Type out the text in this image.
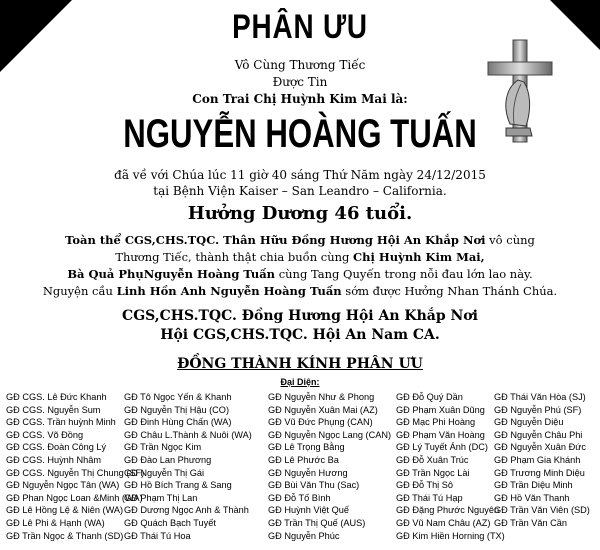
PHÂN ƯU
Vô Cùng Thương Tiếc
Được Tin
Con Trai Chị Huỳnh Kim Mai là:
NGUYỄN HOÀNG TUẤN
đã về với Chúa lúc 11 giờ 40 sáng Thứ Năm ngày 24/12/2015
tại Bệnh Viện Kaiser – San Leandro – California.
Hưởng Dương 46 tuổi.
Toàn thể CGS,CHS.TQC. Thân Hữu Đồng Hương Hội An Khắp Nơi vô cùng
Thương Tiếc, thành thật chia buồn cùng Chị Huỳnh Kim Mai,
Bà Quả PhụNguyễn Hoàng Tuấn cùng Tang Quyến trong nỗi đau lớn lao này.
Nguyện cầu Linh Hồn Anh Nguyễn Hoàng Tuấn sớm được Hưởng Nhan Thánh Chúa.
CGS,CHS.TQC. Đồng Hương Hội An Khắp Nơi
Hội CGS,CHS.TQC. Hội An Nam CA.
ĐỒNG THÀNH KÍNH PHÂN ƯU
Đại Diện:
GĐ CGS. Lê Đức Khanh
GĐ CGS. Nguyễn Sum
GĐ CGS. Trần huỳnh Minh
GĐ CGS. Võ Đồng
GĐ CGS. Đoàn Công Lý
GĐ CGS. Huỳnh Nhâm
GĐ CGS. Nguyễn Thị Chung (SF)
GĐ Nguyễn Ngọc Tân (WA)
GĐ Phan Ngọc Loan &Minh (WA)
GĐ Lê Hồng Lệ & Niên (WA)
GĐ Lê Phi & Hạnh (WA)
GĐ Trần Ngọc & Thanh (SD)
GĐ Tô Ngọc Yến & Khanh
GĐ Nguyễn Thị Hậu (CO)
GĐ Đinh Hùng Chấn (WA)
GĐ Châu L.Thành & Nuôi (WA)
GĐ Trần Ngọc Kim
GĐ Đào Lan Phương
GĐ Nguyễn Thị Gái
GĐ Hồ Bích Trang & Sang
GĐ Phạm Thị Lan
GĐ Dương Ngọc Anh & Thành
GĐ Quách Bạch Tuyết
GĐ Thái Tú Hoa
GĐ Nguyễn Như & Phong
GĐ Nguyễn Xuân Mai (AZ)
GĐ Vũ Đức Phụng (CAN)
GĐ Nguyễn Ngọc Lang (CAN)
GĐ Lê Trọng Bằng
GĐ Lê Phước Ba
GĐ Nguyễn Hương
GĐ Bùi Văn Thu (Sac)
GĐ Đỗ Tố Bình
GĐ Huỳnh Việt Quế
GĐ Trần Thị Quế (AUS)
GĐ Nguyễn Phúc
GĐ Đỗ Quý Dần
GĐ Phạm Xuân Dũng
GĐ Mạc Phi Hoàng
GĐ Phạm Văn Hoàng
GĐ Lý Tuyết Ánh (DC)
GĐ Đỗ Xuân Trúc
GĐ Trần Ngọc Lài
GĐ Đỗ Thị Sô
GĐ Thái Tú Hạp
GĐ Đặng Phước Nguyên
GĐ Vũ Nam Châu (AZ)
GĐ Kim Hiền Horning (TX)
GĐ Thái Văn Hòa (SJ)
GĐ Nguyễn Phú (SF)
GĐ Nguyễn Diệu
GĐ Nguyễn Châu Phi
GĐ Nguyễn Xuân Đức
GĐ Phạm Gia Khánh
GĐ Trương Minh Diệu
GĐ Trần Diệu Minh
GĐ Hồ Văn Thanh
GĐ Trần Văn Viên (SD)
GĐ Trần Văn Cần
